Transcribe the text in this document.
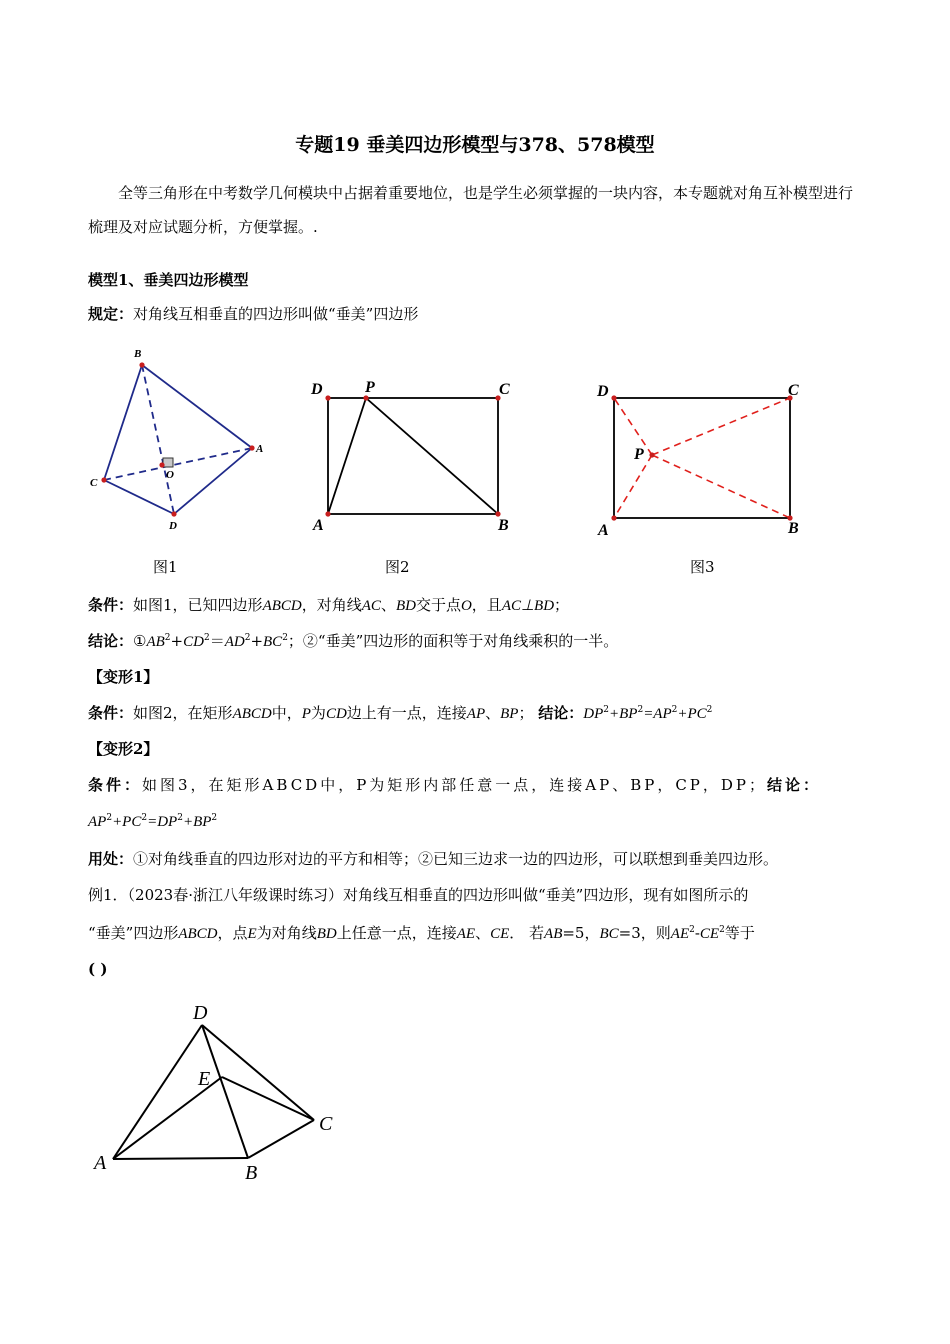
专题19 垂美四边形模型与378、578模型
全等三角形在中考数学几何模块中占据着重要地位，也是学生必须掌握的一块内容，本专题就对角互补模型进行梳理及对应试题分析，方便掌握。.
模型1、垂美四边形模型
规定：对角线互相垂直的四边形叫做“垂美”四边形
B
A
C
D
O
D	P	C
A	B
D	C
P
A	B
图1	图2	图3
条件：如图1，已知四边形ABCD，对角线AC、BD交于点O，且AC⊥BD；
结论：$①AB^2+CD^2=AD^2+BC^2$；②“垂美”四边形的面积等于对角线乘积的一半。
【变形1】
条件：如图2，在矩形ABCD中，P为CD边上有一点，连接AP、BP； 结论：$DP^2+BP^2=AP^2+PC^2$
【变形2】
条件：如图3，在矩形ABCD中，P为矩形内部任意一点，连接AP、BP，CP，DP；结论：
$AP^2+PC^2=DP^2+BP^2$
用处：①对角线垂直的四边形对边的平方和相等；②已知三边求一边的四边形，可以联想到垂美四边形。
例1．（2023春·浙江八年级课时练习）对角线互相垂直的四边形叫做“垂美”四边形，现有如图所示的
“垂美”四边形ABCD，点E为对角线BD上任意一点，连接AE、CE． 若AB=5，BC=3，则$AE^2-CE^2$等于
( )
D
E
C
A	B
